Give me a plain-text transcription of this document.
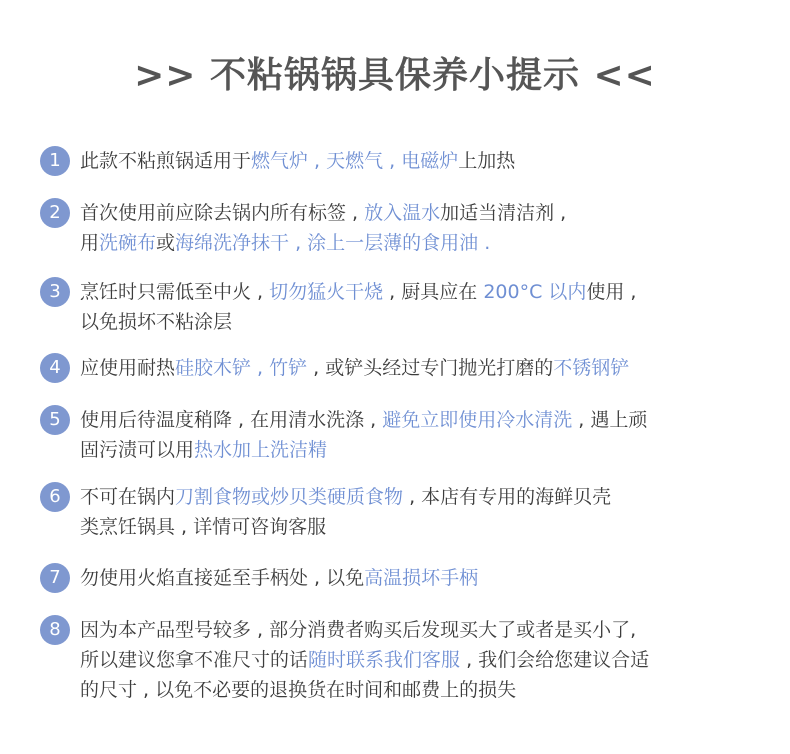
>> 不粘锅锅具保养小提示 <<
1	此款不粘煎锅适用于燃气炉 , 天燃气 , 电磁炉上加热
2	首次使用前应除去锅内所有标签 , 放入温水加适当清洁剂 ,
用洗碗布或海绵洗净抹干 , 涂上一层薄的食用油 .
3	烹饪时只需低至中火 , 切勿猛火干烧 , 厨具应在 200°C 以内使用 ,
以免损坏不粘涂层
4	应使用耐热硅胶木铲 , 竹铲 , 或铲头经过专门抛光打磨的不锈钢铲
5	使用后待温度稍降 , 在用清水洗涤 , 避免立即使用冷水清洗 , 遇上顽
固污渍可以用热水加上洗洁精
6	不可在锅内刀割食物或炒贝类硬质食物 , 本店有专用的海鲜贝壳
类烹饪锅具 , 详情可咨询客服
7	勿使用火焰直接延至手柄处 , 以免高温损坏手柄
8	因为本产品型号较多 , 部分消费者购买后发现买大了或者是买小了,
所以建议您拿不准尺寸的话随时联系我们客服 , 我们会给您建议合适
的尺寸 , 以免不必要的退换货在时间和邮费上的损失
